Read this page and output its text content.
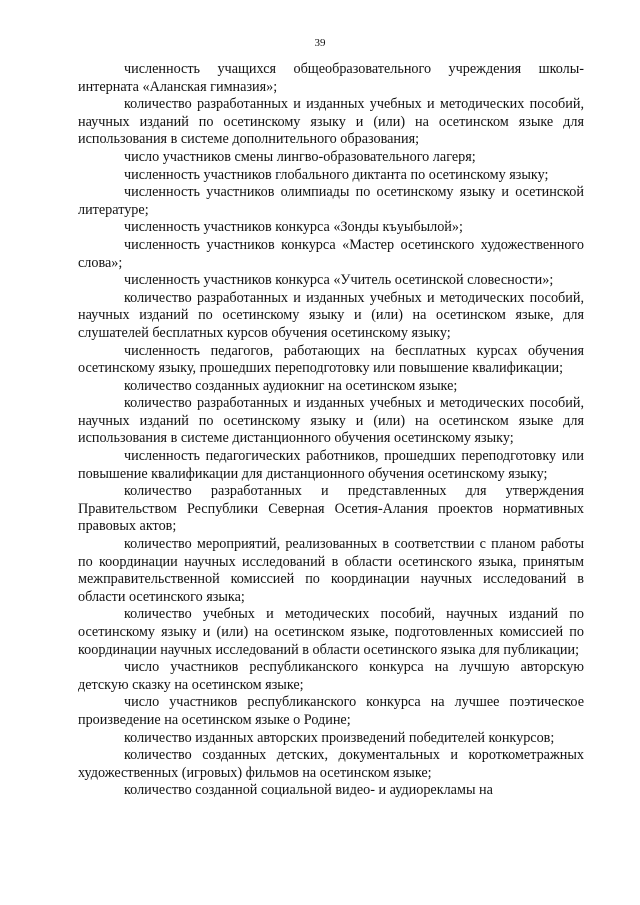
39

численность учащихся общеобразовательного учреждения школы-интерната «Аланская гимназия»;

количество разработанных и изданных учебных и методических пособий, научных изданий по осетинскому языку и (или) на осетинском языке для использования в системе дополнительного образования;

число участников смены лингво-образовательного лагеря;

численность участников глобального диктанта по осетинскому языку;

численность участников олимпиады по осетинскому языку и осетинской литературе;

численность участников конкурса «Зонды къуыбылой»;

численность участников конкурса «Мастер осетинского художественного слова»;

численность участников конкурса «Учитель осетинской словесности»;

количество разработанных и изданных учебных и методических пособий, научных изданий по осетинскому языку и (или) на осетинском языке, для слушателей бесплатных курсов обучения осетинскому языку;

численность педагогов, работающих на бесплатных курсах обучения осетинскому языку, прошедших переподготовку или повышение квалификации;

количество созданных аудиокниг на осетинском языке;

количество разработанных и изданных учебных и методических пособий, научных изданий по осетинскому языку и (или) на осетинском языке для использования в системе дистанционного обучения осетинскому языку;

численность педагогических работников, прошедших переподготовку или повышение квалификации для дистанционного обучения осетинскому языку;

количество разработанных и представленных для утверждения Правительством Республики Северная Осетия-Алания проектов нормативных правовых актов;

количество мероприятий, реализованных в соответствии с планом работы по координации научных исследований в области осетинского языка, принятым межправительственной комиссией по координации научных исследований в области осетинского языка;

количество учебных и методических пособий, научных изданий по осетинскому языку и (или) на осетинском языке, подготовленных комиссией по координации научных исследований в области осетинского языка для публикации;

число участников республиканского конкурса на лучшую авторскую детскую сказку на осетинском языке;

число участников республиканского конкурса на лучшее поэтическое произведение на осетинском языке о Родине;

количество изданных авторских произведений победителей конкурсов;

количество созданных детских, документальных и короткометражных художественных (игровых) фильмов на осетинском языке;

количество созданной социальной видео- и аудиорекламы на
